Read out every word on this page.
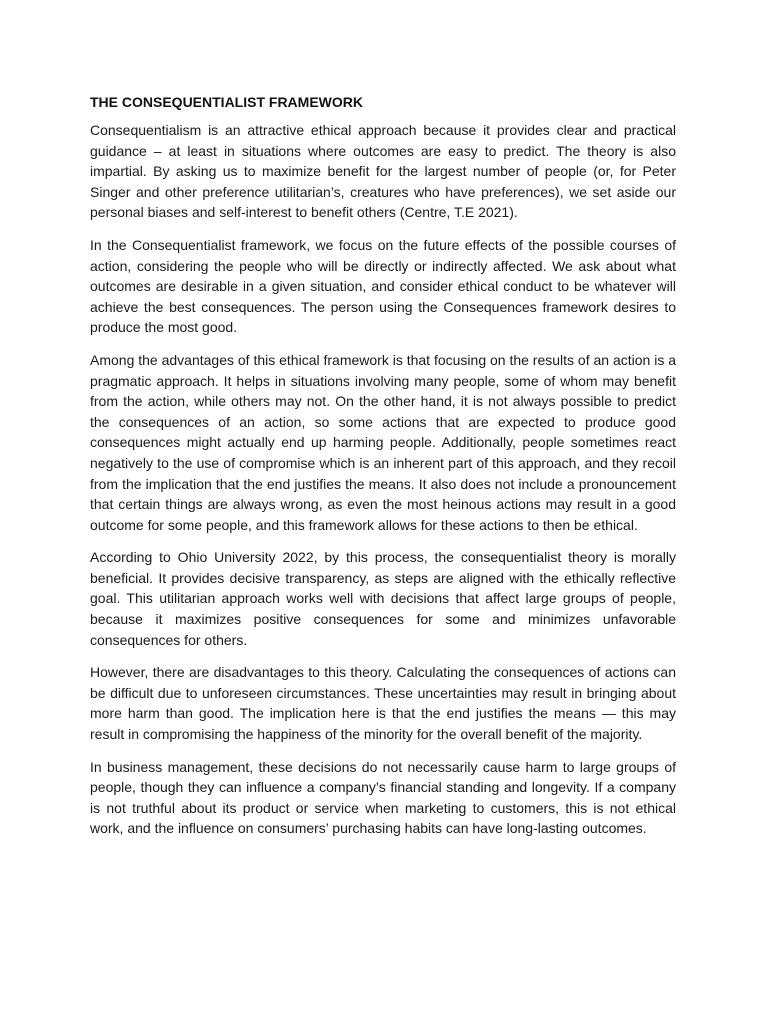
THE CONSEQUENTIALIST FRAMEWORK

Consequentialism is an attractive ethical approach because it provides clear and practical guidance – at least in situations where outcomes are easy to predict. The theory is also impartial. By asking us to maximize benefit for the largest number of people (or, for Peter Singer and other preference utilitarian’s, creatures who have preferences), we set aside our personal biases and self-interest to benefit others (Centre, T.E 2021).

In the Consequentialist framework, we focus on the future effects of the possible courses of action, considering the people who will be directly or indirectly affected. We ask about what outcomes are desirable in a given situation, and consider ethical conduct to be whatever will achieve the best consequences. The person using the Consequences framework desires to produce the most good.

Among the advantages of this ethical framework is that focusing on the results of an action is a pragmatic approach. It helps in situations involving many people, some of whom may benefit from the action, while others may not. On the other hand, it is not always possible to predict the consequences of an action, so some actions that are expected to produce good consequences might actually end up harming people. Additionally, people sometimes react negatively to the use of compromise which is an inherent part of this approach, and they recoil from the implication that the end justifies the means. It also does not include a pronouncement that certain things are always wrong, as even the most heinous actions may result in a good outcome for some people, and this framework allows for these actions to then be ethical.

According to Ohio University 2022, by this process, the consequentialist theory is morally beneficial. It provides decisive transparency, as steps are aligned with the ethically reflective goal. This utilitarian approach works well with decisions that affect large groups of people, because it maximizes positive consequences for some and minimizes unfavorable consequences for others.

However, there are disadvantages to this theory. Calculating the consequences of actions can be difficult due to unforeseen circumstances. These uncertainties may result in bringing about more harm than good. The implication here is that the end justifies the means — this may result in compromising the happiness of the minority for the overall benefit of the majority.

In business management, these decisions do not necessarily cause harm to large groups of people, though they can influence a company’s financial standing and longevity. If a company is not truthful about its product or service when marketing to customers, this is not ethical work, and the influence on consumers’ purchasing habits can have long-lasting outcomes.
